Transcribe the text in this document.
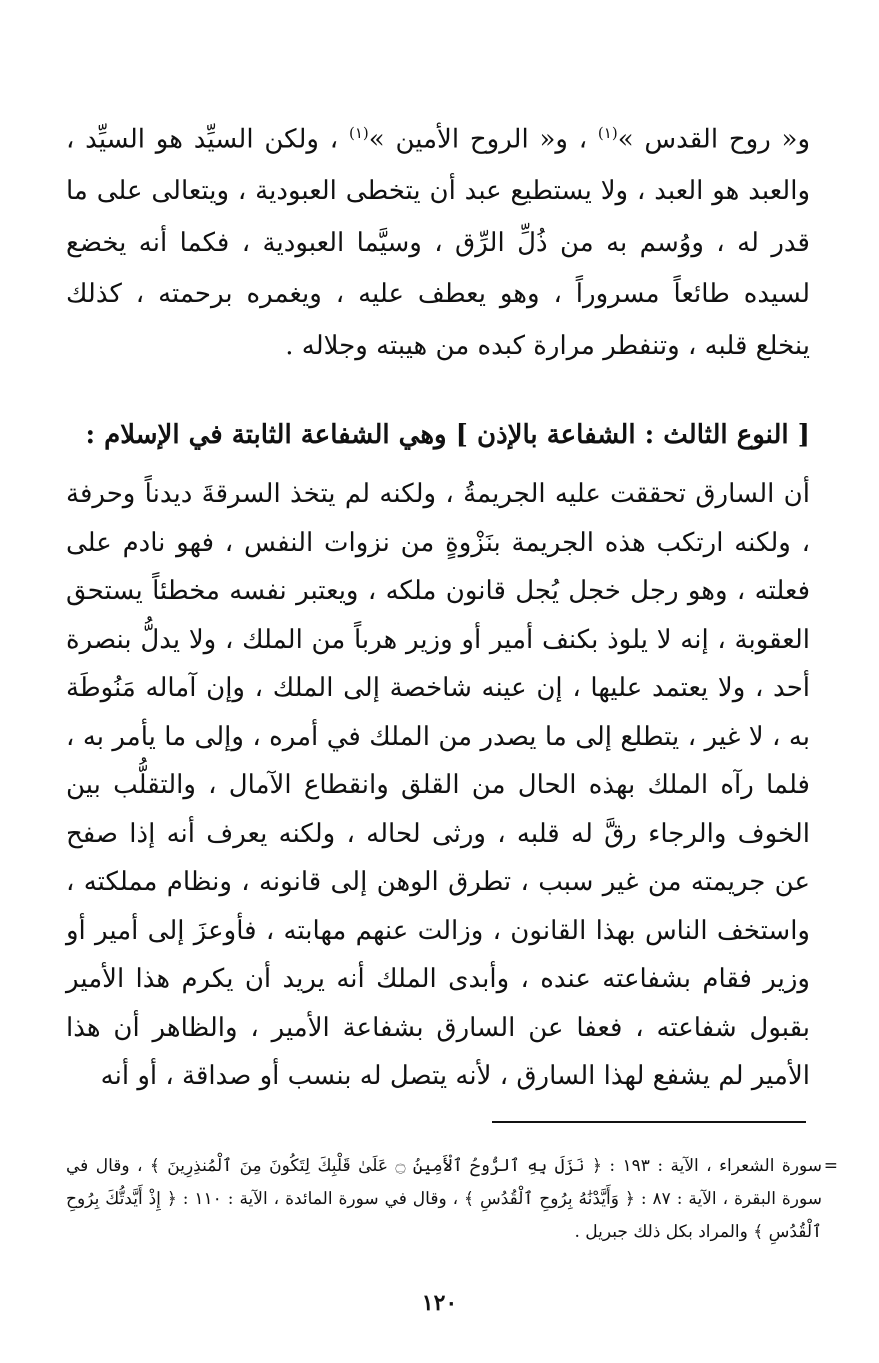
و« روح القدس »$^{(١)}$ ، و« الروح الأمين »$^{(١)}$ ، ولكن السيِّد هو السيِّد ، والعبد هو العبد ، ولا يستطيع عبد أن يتخطى العبودية ، ويتعالى على ما قدر له ، ووُسم به من ذُلِّ الرِّق ، وسيَّما العبودية ، فكما أنه يخضع لسيده طائعاً مسروراً ، وهو يعطف عليه ، ويغمره برحمته ، كذلك ينخلع قلبه ، وتنفطر مرارة كبده من هيبته وجلاله .

[ النوع الثالث : الشفاعة بالإذن ] وهي الشفاعة الثابتة في الإسلام :

أن السارق تحققت عليه الجريمةُ ، ولكنه لم يتخذ السرقةَ ديدناً وحرفة ، ولكنه ارتكب هذه الجريمة بنَزْوةٍ من نزوات النفس ، فهو نادم على فعلته ، وهو رجل خجل يُجل قانون ملكه ، ويعتبر نفسه مخطئاً يستحق العقوبة ، إنه لا يلوذ بكنف أمير أو وزير هرباً من الملك ، ولا يدلُّ بنصرة أحد ، ولا يعتمد عليها ، إن عينه شاخصة إلى الملك ، وإن آماله مَنُوطَة به ، لا غير ، يتطلع إلى ما يصدر من الملك في أمره ، وإلى ما يأمر به ، فلما رآه الملك بهذه الحال من القلق وانقطاع الآمال ، والتقلُّب بين الخوف والرجاء رقَّ له قلبه ، ورثى لحاله ، ولكنه يعرف أنه إذا صفح عن جريمته من غير سبب ، تطرق الوهن إلى قانونه ، ونظام مملكته ، واستخف الناس بهذا القانون ، وزالت عنهم مهابته ، فأوعزَ إلى أمير أو وزير فقام بشفاعته عنده ، وأبدى الملك أنه يريد أن يكرم هذا الأمير بقبول شفاعته ، فعفا عن السارق بشفاعة الأمير ، والظاهر أن هذا الأمير لم يشفع لهذا السارق ، لأنه يتصل له بنسب أو صداقة ، أو أنه

=
سورة الشعراء ، الآية : ١٩٣ : ﴿ نَزَلَ بِهِ ٱلرُّوحُ ٱلْأَمِينُ ۝ عَلَىٰ قَلْبِكَ لِتَكُونَ مِنَ ٱلْمُنذِرِينَ ﴾ ، وقال في سورة البقرة ، الآية : ٨٧ : ﴿ وَأَيَّدْنَٰهُ بِرُوحِ ٱلْقُدُسِ ﴾ ، وقال في سورة المائدة ، الآية : ١١٠ : ﴿ إِذْ أَيَّدتُّكَ بِرُوحِ ٱلْقُدُسِ ﴾ والمراد بكل ذلك جبريل .

١٢٠
